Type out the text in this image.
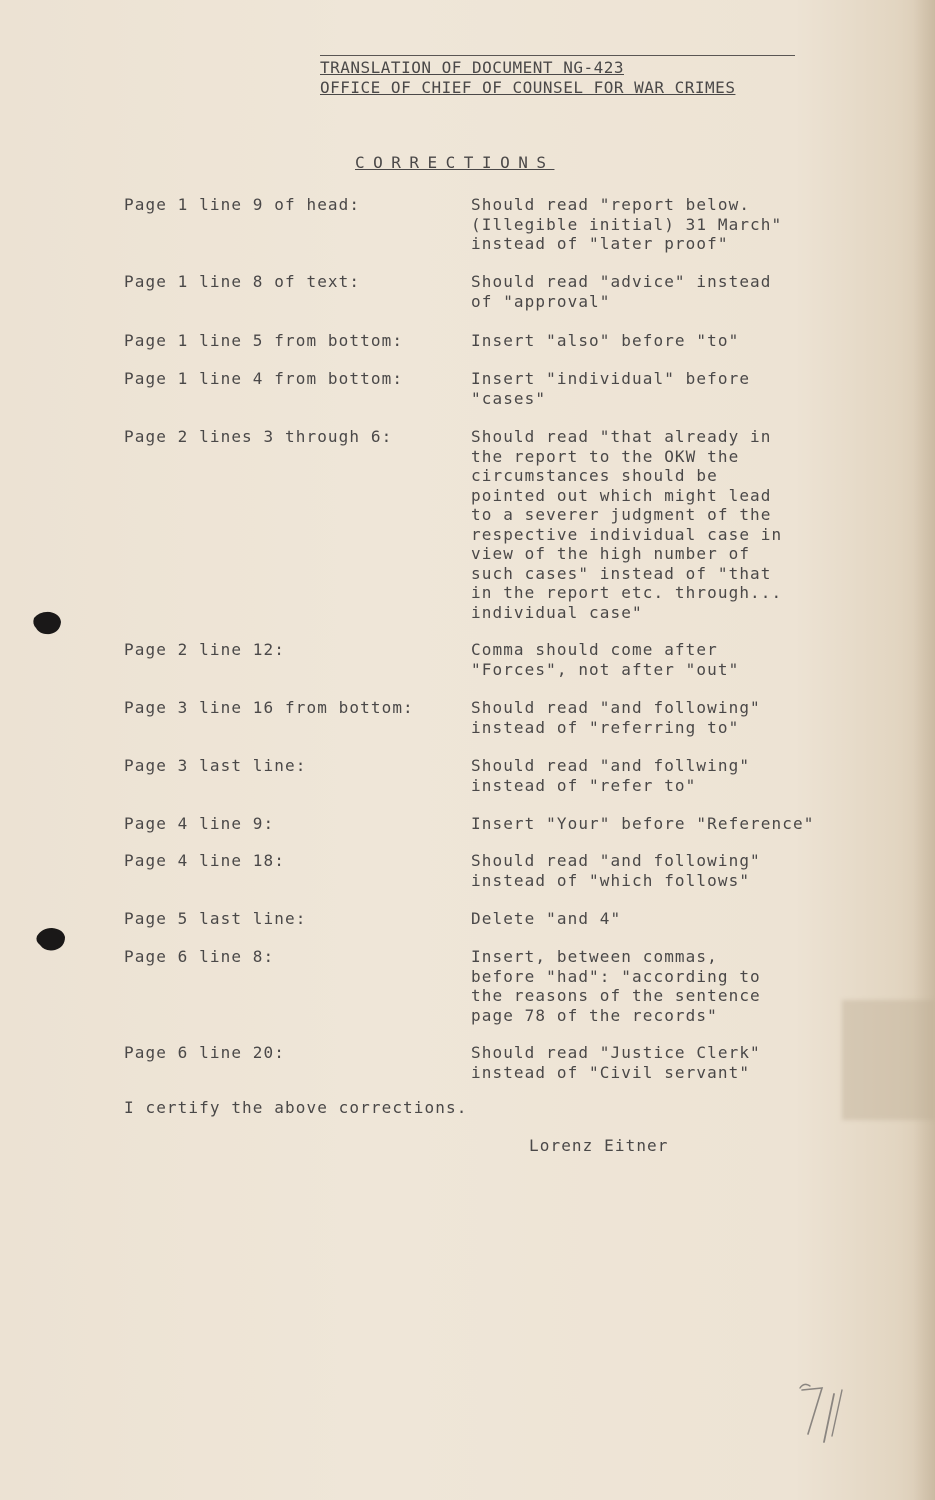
TRANSLATION OF DOCUMENT NG-423
OFFICE OF CHIEF OF COUNSEL FOR WAR CRIMES
CORRECTIONS
Page 1 line 9 of head:	Should read "report below.
(Illegible initial) 31 March"
instead of "later proof"
Page 1 line 8 of text:	Should read "advice" instead
of "approval"
Page 1 line 5 from bottom:	Insert "also" before "to"
Page 1 line 4 from bottom:	Insert "individual" before
"cases"
Page 2 lines 3 through 6:	Should read "that already in
the report to the OKW the
circumstances should be
pointed out which might lead
to a severer judgment of the
respective individual case in
view of the high number of
such cases" instead of "that
in the report etc. through...
individual case"
Page 2 line 12:	Comma should come after
"Forces", not after "out"
Page 3 line 16 from bottom:	Should read "and following"
instead of "referring to"
Page 3 last line:	Should read "and follwing"
instead of "refer to"
Page 4 line 9:	Insert "Your" before "Reference"
Page 4 line 18:	Should read "and following"
instead of "which follows"
Page 5 last line:	Delete "and 4"
Page 6 line 8:	Insert, between commas,
before "had": "according to
the reasons of the sentence
page 78 of the records"
Page 6 line 20:	Should read "Justice Clerk"
instead of "Civil servant"
I certify the above corrections.
Lorenz Eitner
